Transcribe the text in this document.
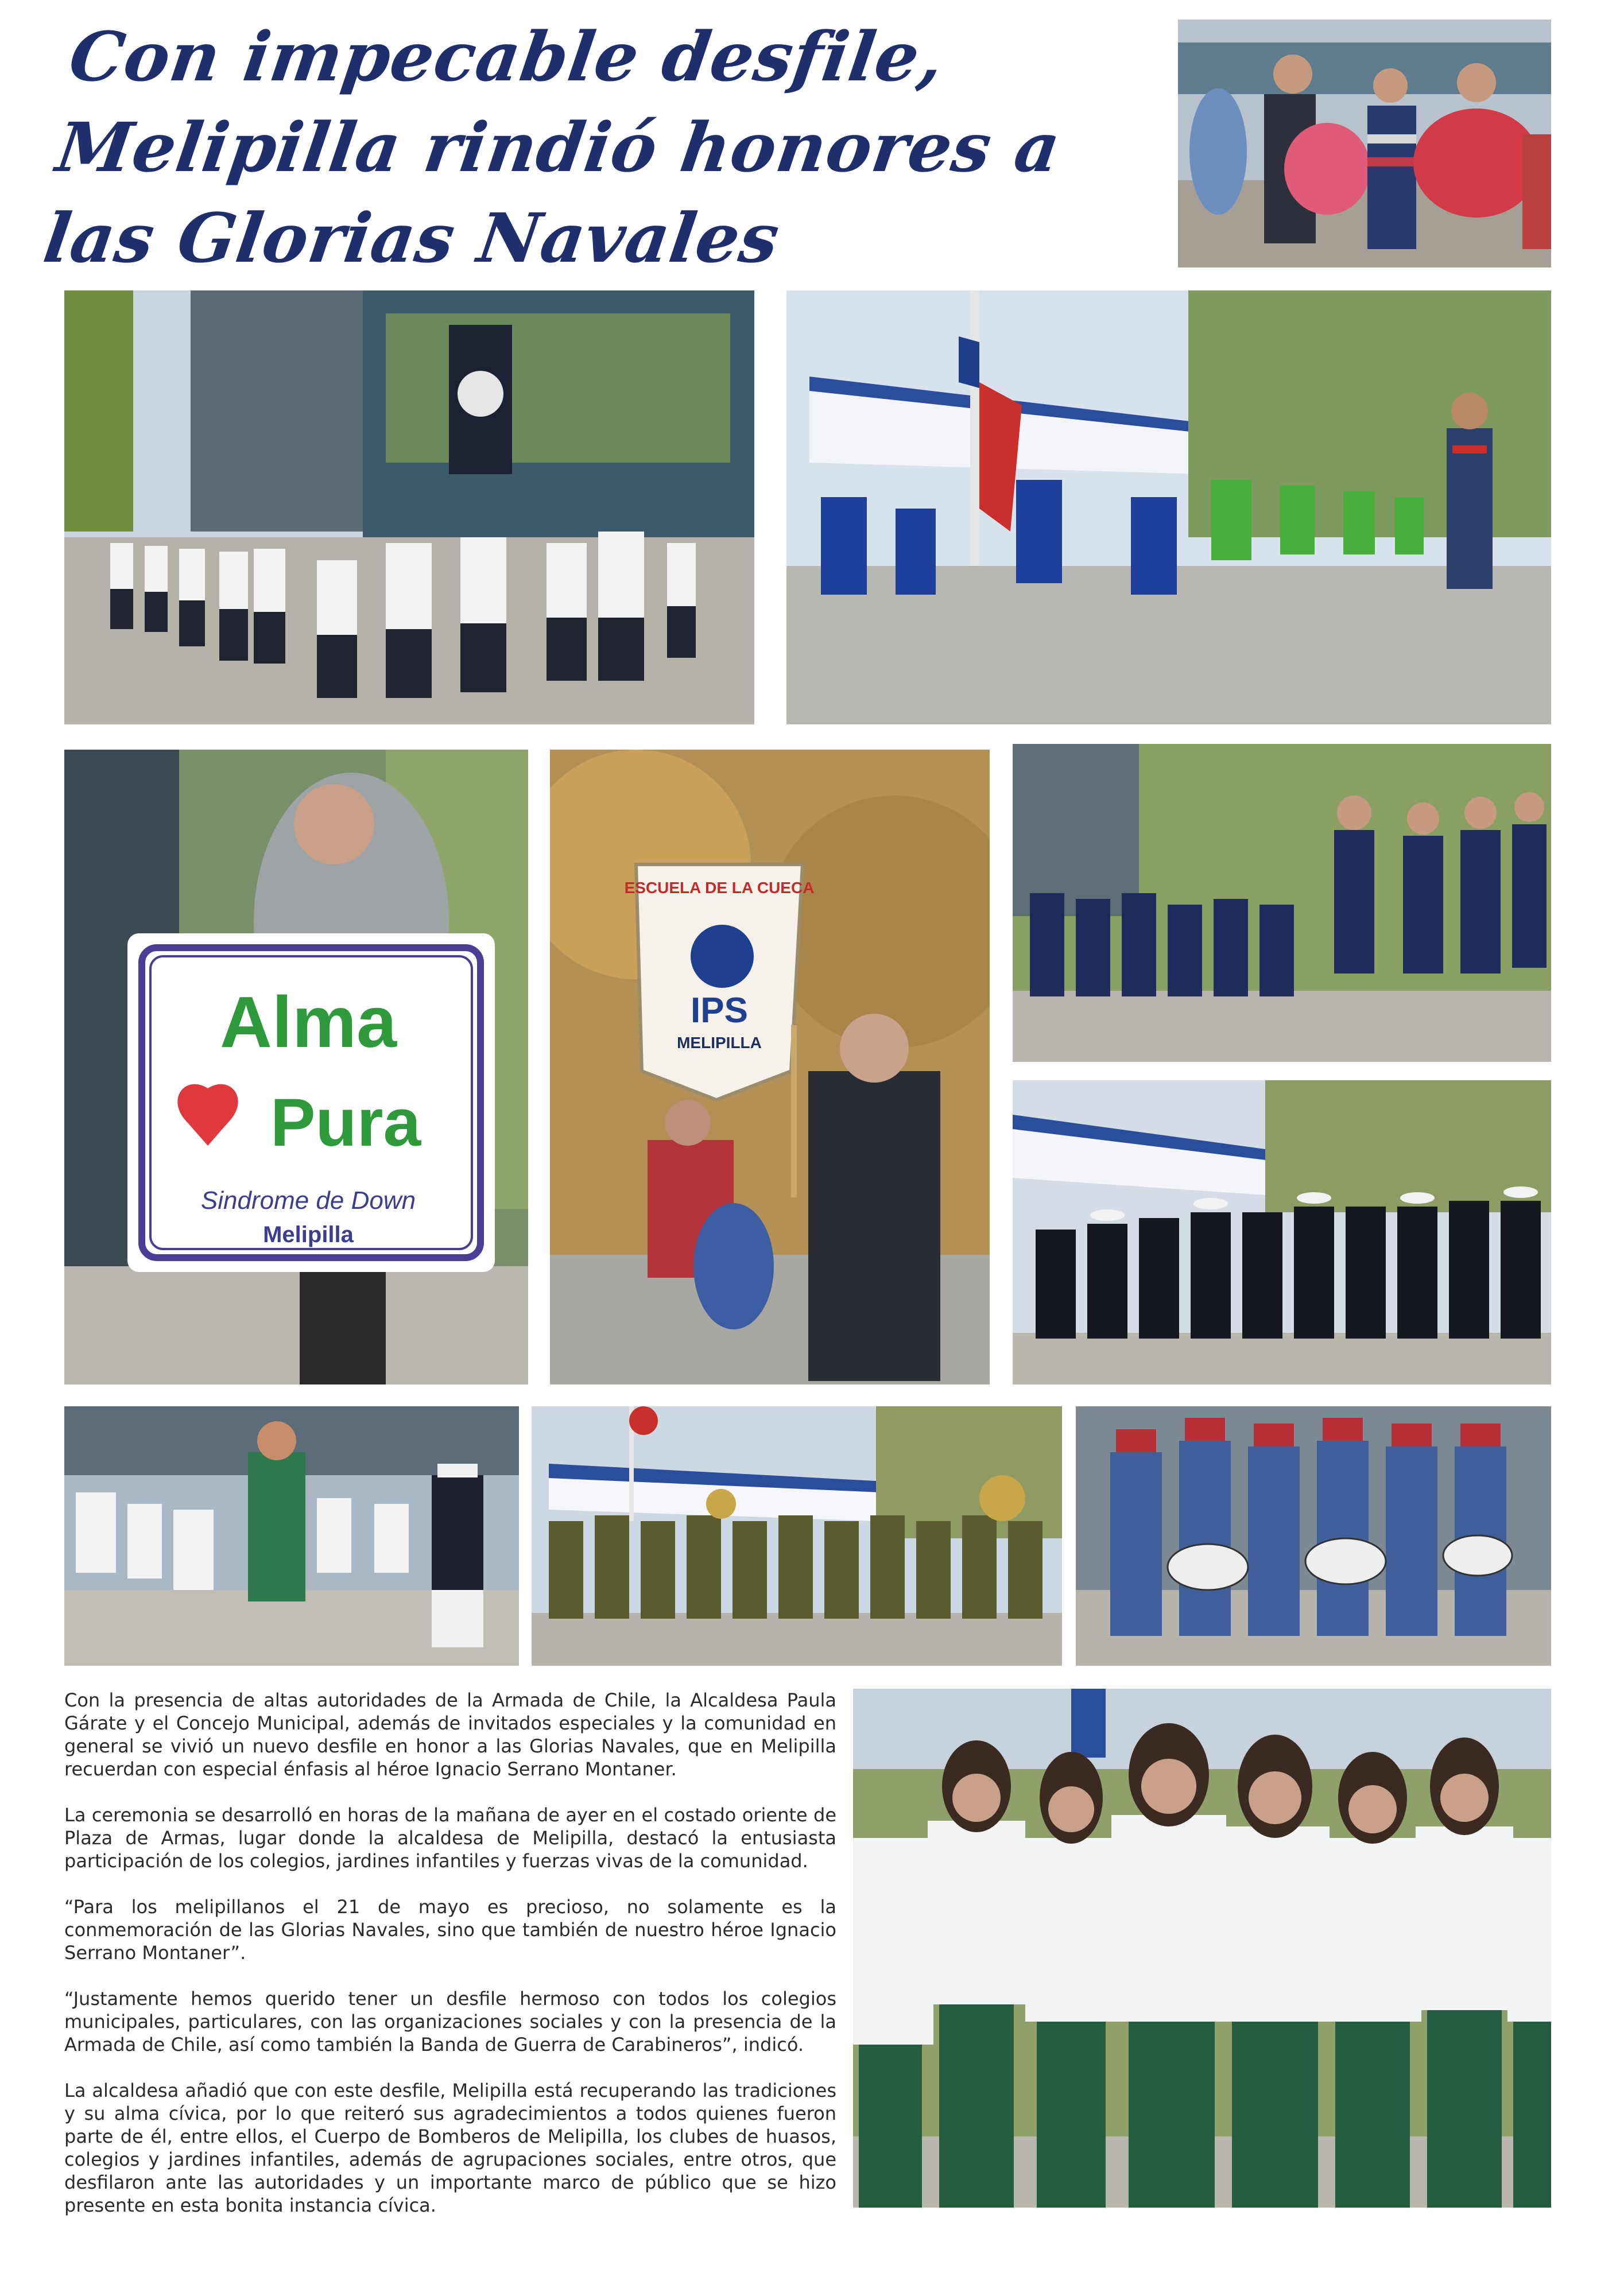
Con impecable desfile, Melipilla rindió honores a las Glorias Navales
Alma
Pura
Sindrome de Down
Melipilla
ESCUELA DE LA CUECA
IPS
MELIPILLA

Con la presencia de altas autoridades de la Armada de Chile, la Alcaldesa Paula Gárate y el Concejo Municipal, además de invitados especiales y la comunidad en general se vivió un nuevo desfile en honor a las Glorias Navales, que en Melipilla recuerdan con especial énfasis al héroe Ignacio Serrano Montaner.

La ceremonia se desarrolló en horas de la mañana de ayer en el costado oriente de Plaza de Armas, lugar donde la alcaldesa de Melipilla, destacó la entusiasta participación de los colegios, jardines infantiles y fuerzas vivas de la comunidad.

“Para los melipillanos el 21 de mayo es precioso, no solamente es la conmemoración de las Glorias Navales, sino que también de nuestro héroe Ignacio Serrano Montaner”.

“Justamente hemos querido tener un desfile hermoso con todos los colegios municipales, particulares, con las organizaciones sociales y con la presencia de la Armada de Chile, así como también la Banda de Guerra de Carabineros”, indicó.

La alcaldesa añadió que con este desfile, Melipilla está recuperando las tradiciones y su alma cívica, por lo que reiteró sus agradecimientos a todos quienes fueron parte de él, entre ellos, el Cuerpo de Bomberos de Melipilla, los clubes de huasos, colegios y jardines infantiles, además de agrupaciones sociales, entre otros, que desfilaron ante las autoridades y un importante marco de público que se hizo presente en esta bonita instancia cívica.
